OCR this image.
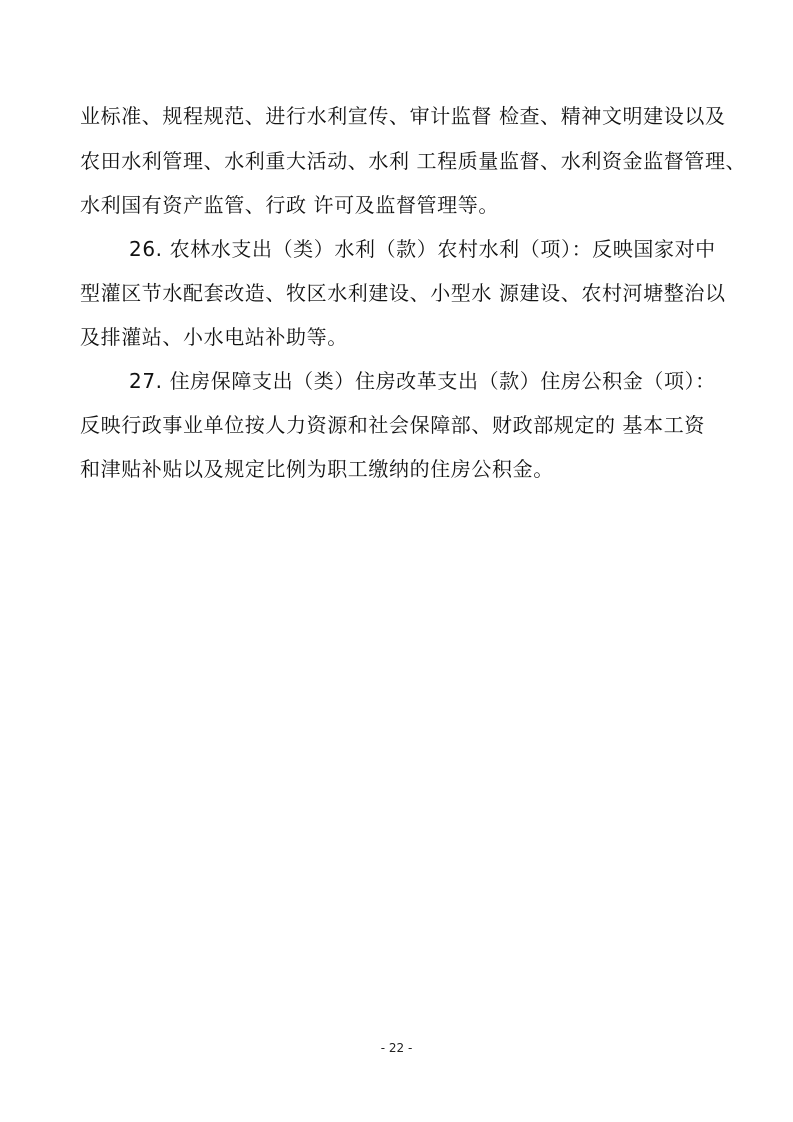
业标准、规程规范、进行水利宣传、审计监督 检查、精神文明建设以及
农田水利管理、水利重大活动、水利 工程质量监督、水利资金监督管理、
水利国有资产监管、行政 许可及监督管理等。
26. 农林水支出（类）水利（款）农村水利（项）：反映国家对中
型灌区节水配套改造、牧区水利建设、小型水 源建设、农村河塘整治以
及排灌站、小水电站补助等。
27. 住房保障支出（类）住房改革支出（款）住房公积金（项）：
反映行政事业单位按人力资源和社会保障部、财政部规定的 基本工资
和津贴补贴以及规定比例为职工缴纳的住房公积金。
- 22 -
